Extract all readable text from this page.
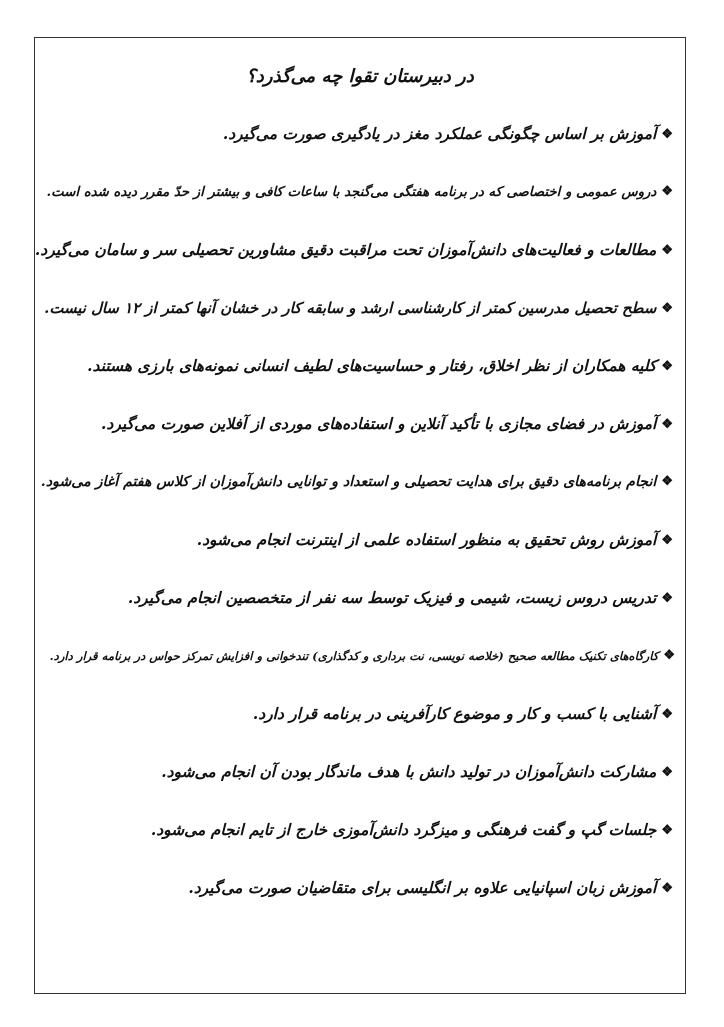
در دبیرستان تقوا چه می‌گذرد؟
❖آموزش بر اساس چگونگی عملکرد مغز در یادگیری صورت می‌گیرد.
❖دروس عمومی و اختصاصی که در برنامه هفتگی می‌گنجد با ساعات کافی و بیشتر از حدّ مقرر دیده شده است.
❖مطالعات و فعالیت‌های دانش‌آموزان تحت مراقبت دقیق مشاورین تحصیلی سر و سامان می‌گیرد.
❖سطح تحصیل مدرسین کمتر از کارشناسی ارشد و سابقه کار در خشان آنها کمتر از ۱۲ سال نیست.
❖کلیه همکاران از نظر اخلاق، رفتار و حساسیت‌های لطیف انسانی نمونه‌های بارزی هستند.
❖آموزش در فضای مجازی با تأکید آنلاین و استفاده‌های موردی از آفلاین صورت می‌گیرد.
❖انجام برنامه‌های دقیق برای هدایت تحصیلی و استعداد و توانایی دانش‌آموزان از کلاس هفتم آغاز می‌شود.
❖آموزش روش تحقیق به منظور استفاده علمی از اینترنت انجام می‌شود.
❖تدریس دروس زیست، شیمی و فیزیک توسط سه نفر از متخصصین انجام می‌گیرد.
❖کارگاه‌های تکنیک مطالعه صحیح (خلاصه نویسی، نت برداری و کدگذاری) تندخوانی و افزایش تمرکز حواس در برنامه قرار دارد.
❖آشنایی با کسب و کار و موضوع کارآفرینی در برنامه قرار دارد.
❖مشارکت دانش‌آموزان در تولید دانش با هدف ماندگار بودن آن انجام می‌شود.
❖جلسات گپ و گفت فرهنگی و میزگرد دانش‌آموزی خارج از تایم انجام می‌شود.
❖آموزش زبان اسپانیایی علاوه بر انگلیسی برای متقاضیان صورت می‌گیرد.
